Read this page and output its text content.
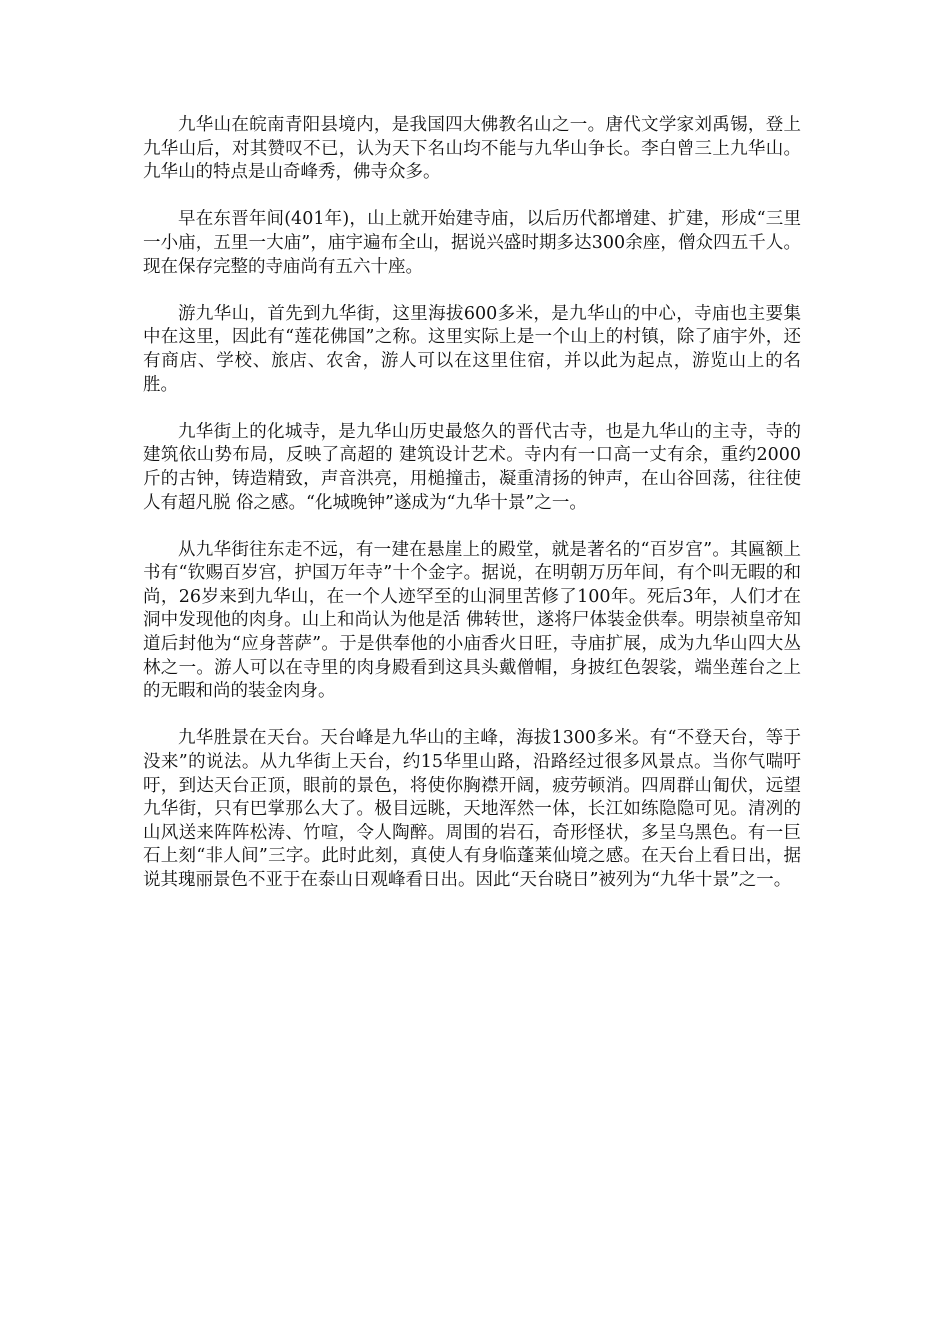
九华山在皖南青阳县境内，是我国四大佛教名山之一。唐代文学家刘禹锡，登上九华山后，对其赞叹不已，认为天下名山均不能与九华山争长。李白曾三上九华山。九华山的特点是山奇峰秀，佛寺众多。

早在东晋年间(401年)，山上就开始建寺庙，以后历代都增建、扩建，形成“三里一小庙，五里一大庙”，庙宇遍布全山，据说兴盛时期多达300余座，僧众四五千人。现在保存完整的寺庙尚有五六十座。

游九华山，首先到九华街，这里海拔600多米，是九华山的中心，寺庙也主要集中在这里，因此有“莲花佛国”之称。这里实际上是一个山上的村镇，除了庙宇外，还有商店、学校、旅店、农舍，游人可以在这里住宿，并以此为起点，游览山上的名胜。

九华街上的化城寺，是九华山历史最悠久的晋代古寺，也是九华山的主寺，寺的建筑依山势布局，反映了高超的 建筑设计艺术。寺内有一口高一丈有余，重约2000斤的古钟，铸造精致，声音洪亮，用槌撞击，凝重清扬的钟声，在山谷回荡，往往使人有超凡脱 俗之感。“化城晚钟”遂成为“九华十景”之一。

从九华街往东走不远，有一建在悬崖上的殿堂，就是著名的“百岁宫”。其匾额上书有“钦赐百岁宫，护国万年寺”十个金字。据说，在明朝万历年间，有个叫无暇的和尚，26岁来到九华山，在一个人迹罕至的山洞里苦修了100年。死后3年，人们才在洞中发现他的肉身。山上和尚认为他是活 佛转世，遂将尸体装金供奉。明崇祯皇帝知道后封他为“应身菩萨”。于是供奉他的小庙香火日旺，寺庙扩展，成为九华山四大丛林之一。游人可以在寺里的肉身殿看到这具头戴僧帽，身披红色袈裟，端坐莲台之上的无暇和尚的装金肉身。

九华胜景在天台。天台峰是九华山的主峰，海拔1300多米。有“不登天台，等于没来”的说法。从九华街上天台，约15华里山路，沿路经过很多风景点。当你气喘吁吁，到达天台正顶，眼前的景色，将使你胸襟开阔，疲劳顿消。四周群山匍伏，远望九华街，只有巴掌那么大了。极目远眺，天地浑然一体，长江如练隐隐可见。清冽的山风送来阵阵松涛、竹喧，令人陶醉。周围的岩石，奇形怪状，多呈乌黑色。有一巨石上刻“非人间”三字。此时此刻，真使人有身临蓬莱仙境之感。在天台上看日出，据说其瑰丽景色不亚于在泰山日观峰看日出。因此“天台晓日”被列为“九华十景”之一。
